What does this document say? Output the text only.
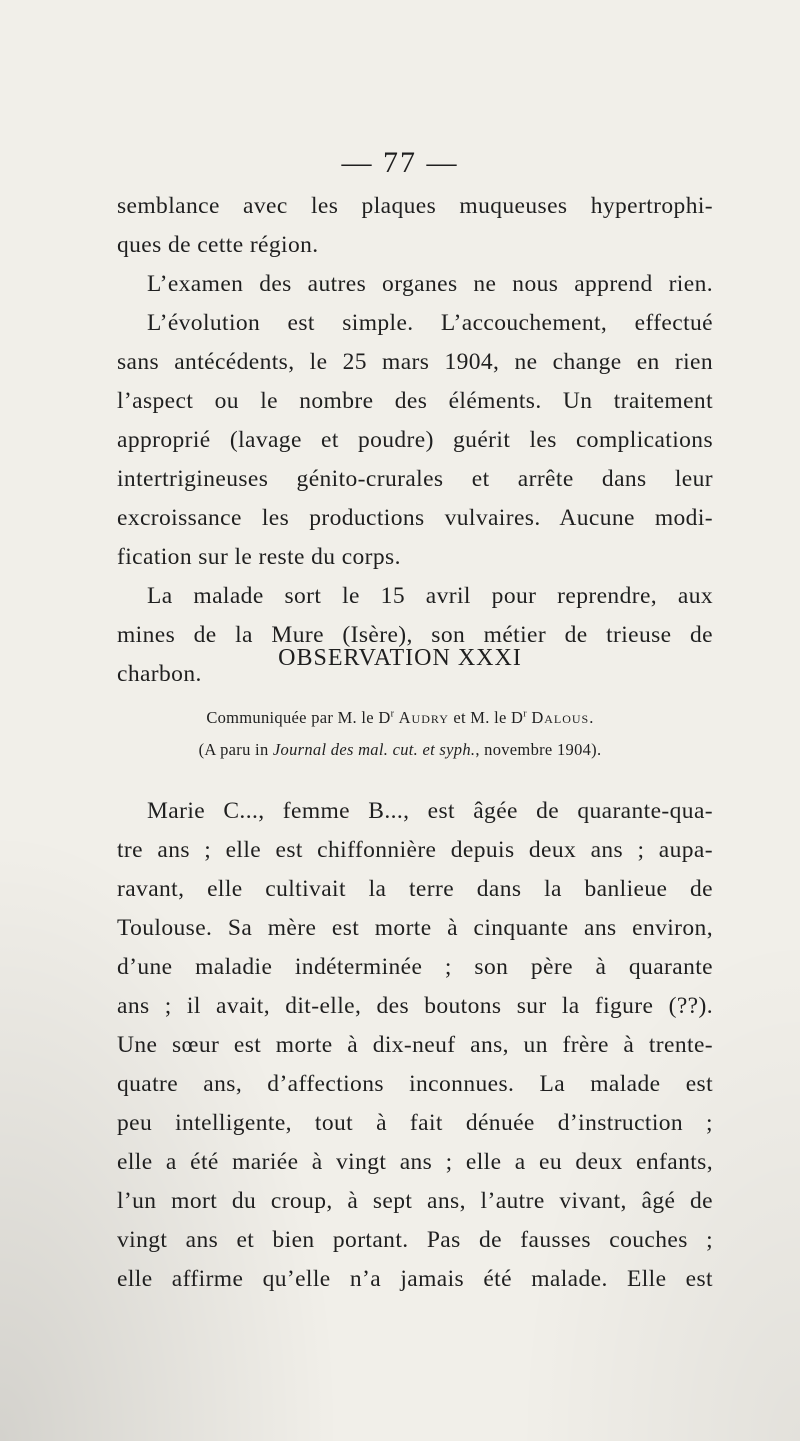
— 77 —
semblance avec les plaques muqueuses hypertrophi-
ques de cette région.
L’examen des autres organes ne nous apprend rien.
L’évolution est simple. L’accouchement, effectué
sans antécédents, le 25 mars 1904, ne change en rien
l’aspect ou le nombre des éléments. Un traitement
approprié (lavage et poudre) guérit les complications
intertrigineuses génito-crurales et arrête dans leur
excroissance les productions vulvaires. Aucune modi-
fication sur le reste du corps.
La malade sort le 15 avril pour reprendre, aux
mines de la Mure (Isère), son métier de trieuse de
charbon.
OBSERVATION XXXI
Communiquée par M. le $D^r$ Audry et M. le $D^r$ Dalous.
(A paru in Journal des mal. cut. et syph., novembre 1904).
Marie C..., femme B..., est âgée de quarante-qua-
tre ans ; elle est chiffonnière depuis deux ans ; aupa-
ravant, elle cultivait la terre dans la banlieue de
Toulouse. Sa mère est morte à cinquante ans environ,
d’une maladie indéterminée ; son père à quarante
ans ; il avait, dit-elle, des boutons sur la figure (??).
Une sœur est morte à dix-neuf ans, un frère à trente-
quatre ans, d’affections inconnues. La malade est
peu intelligente, tout à fait dénuée d’instruction ;
elle a été mariée à vingt ans ; elle a eu deux enfants,
l’un mort du croup, à sept ans, l’autre vivant, âgé de
vingt ans et bien portant. Pas de fausses couches ;
elle affirme qu’elle n’a jamais été malade. Elle est
